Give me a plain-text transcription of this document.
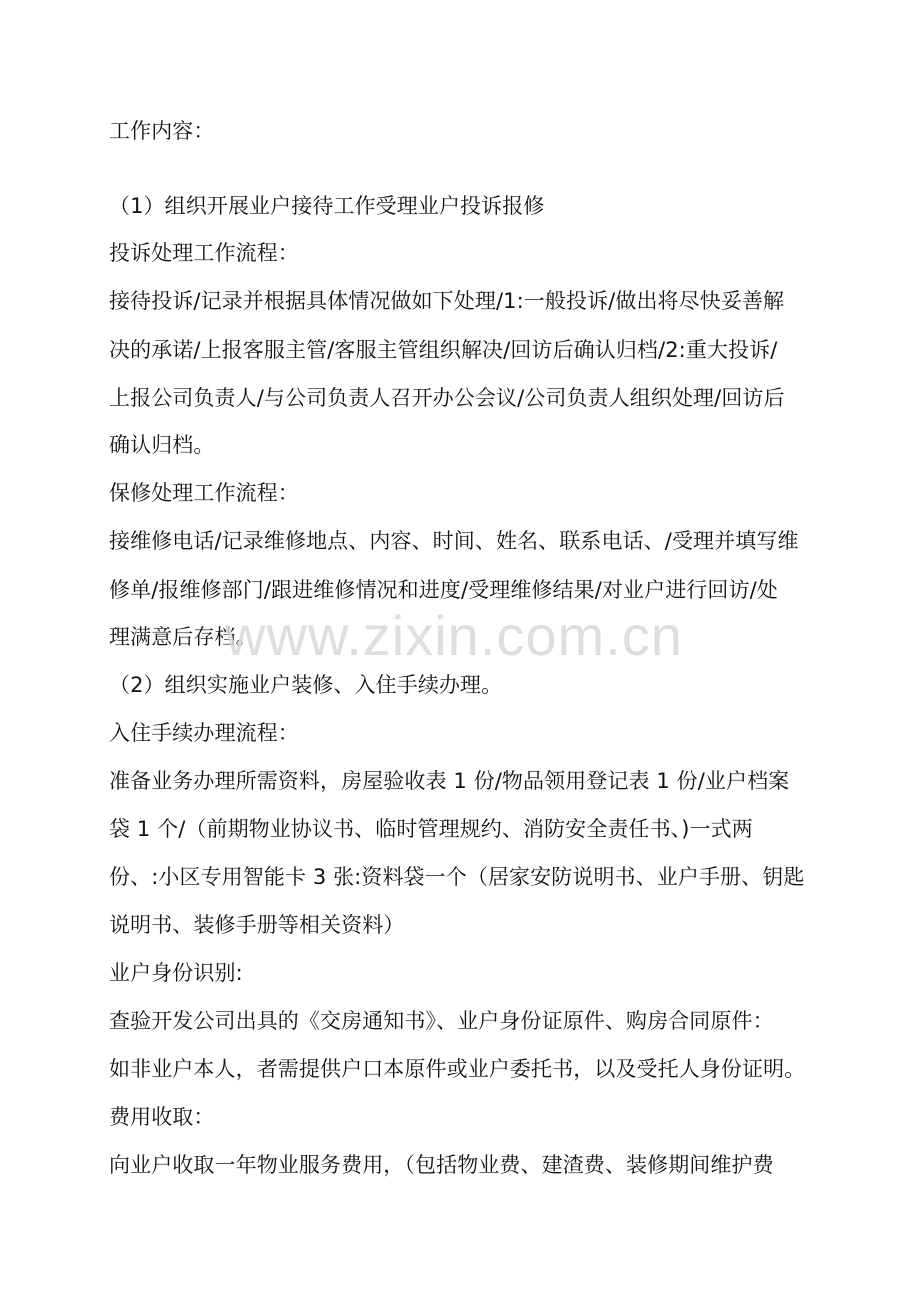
工作内容：
（1）组织开展业户接待工作受理业户投诉报修
投诉处理工作流程：
接待投诉/记录并根据具体情况做如下处理/1:一般投诉/做出将尽快妥善解
决的承诺/上报客服主管/客服主管组织解决/回访后确认归档/2:重大投诉/
上报公司负责人/与公司负责人召开办公会议/公司负责人组织处理/回访后
确认归档。
保修处理工作流程：
接维修电话/记录维修地点、内容、时间、姓名、联系电话、/受理并填写维
修单/报维修部门/跟进维修情况和进度/受理维修结果/对业户进行回访/处
理满意后存档。
（2）组织实施业户装修、入住手续办理。
入住手续办理流程：
准备业务办理所需资料，房屋验收表 1 份/物品领用登记表 1 份/业户档案
袋 1 个/（前期物业协议书、临时管理规约、消防安全责任书、)一式两
份、:小区专用智能卡 3 张:资料袋一个（居家安防说明书、业户手册、钥匙
说明书、装修手册等相关资料）
业户身份识别:
查验开发公司出具的《交房通知书》、业户身份证原件、购房合同原件：
如非业户本人，者需提供户口本原件或业户委托书，以及受托人身份证明。
费用收取：
向业户收取一年物业服务费用，（包括物业费、建渣费、装修期间维护费
www.zixin.com.cn
